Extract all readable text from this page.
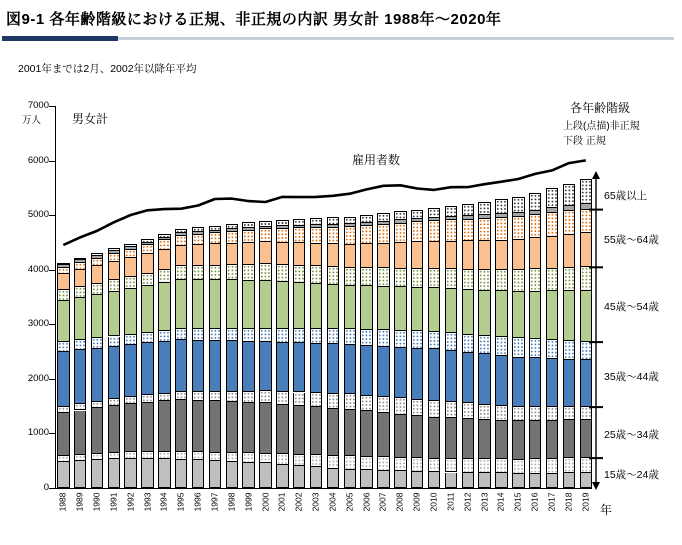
図9-1 各年齢階級における正規、非正規の内訳 男女計 1988年～2020年
2001年までは2月、2002年以降年平均
万人	男女計
雇用者数
各年齢階級
上段(点描)非正規
下段 正規
年
0
1000
2000
3000
4000
5000
6000
7000
1988 1989 1990 1991 1992 1993 1994 1995 1996 1997 1998 1999 2000 2001 2002 2003 2004 2005 2006 2007 2008 2009 2010 2011 2012 2013 2014 2015 2016 2017 2018 2019
15歳～24歳
25歳～34歳
35歳～44歳
45歳～54歳
55歳～64歳
65歳以上
